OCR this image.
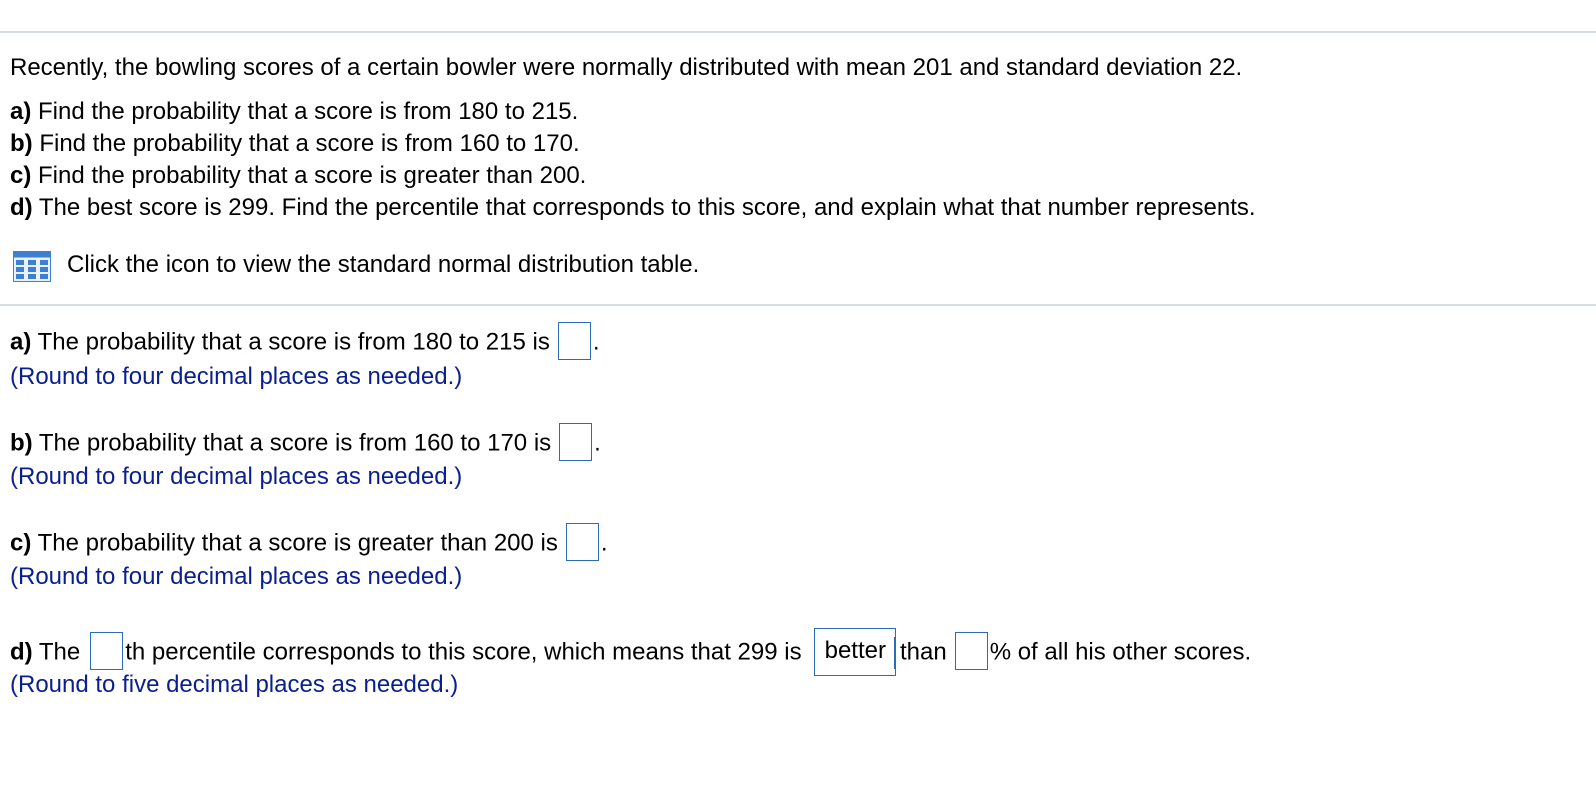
Recently, the bowling scores of a certain bowler were normally distributed with mean 201 and standard deviation 22.
a) Find the probability that a score is from 180 to 215.
b) Find the probability that a score is from 160 to 170.
c) Find the probability that a score is greater than 200.
d) The best score is 299. Find the percentile that corresponds to this score, and explain what that number represents.
Click the icon to view the standard normal distribution table.
a) The probability that a score is from 180 to 215 is .
(Round to four decimal places as needed.)
b) The probability that a score is from 160 to 170 is .
(Round to four decimal places as needed.)
c) The probability that a score is greater than 200 is .
(Round to four decimal places as needed.)
d) The th percentile corresponds to this score, which means that 299 is better than % of all his other scores.
(Round to five decimal places as needed.)
